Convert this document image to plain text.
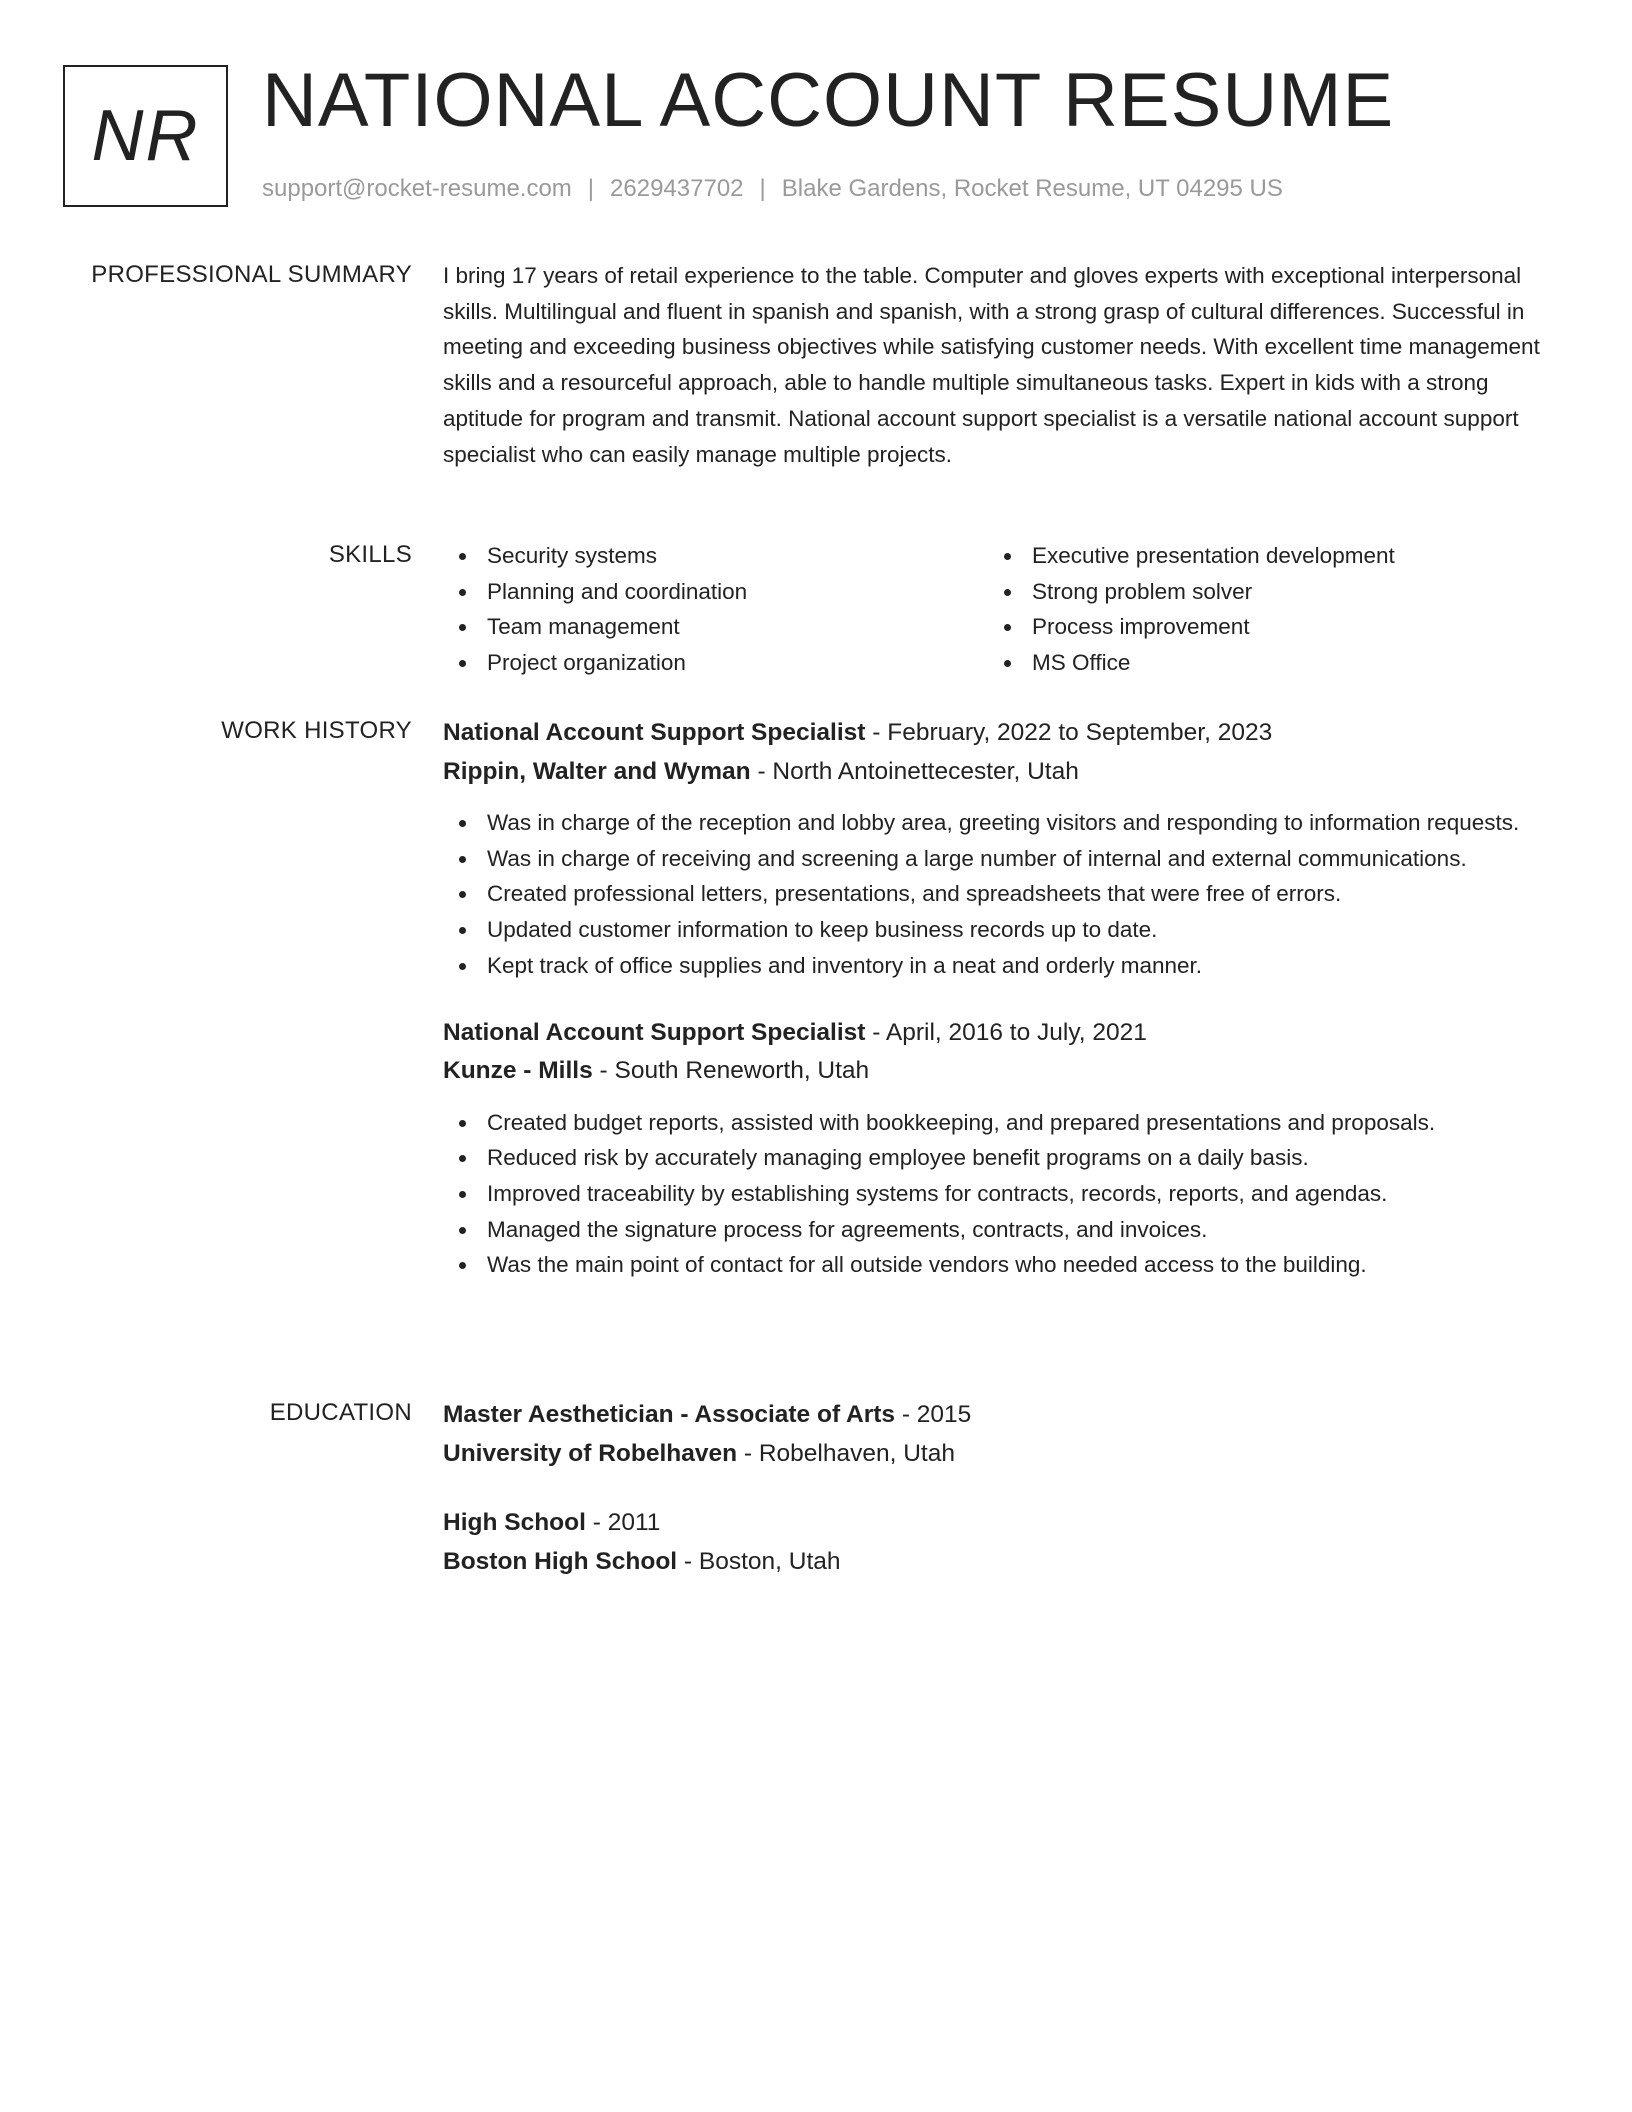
NR NATIONAL ACCOUNT RESUME
support@rocket-resume.com | 2629437702 | Blake Gardens, Rocket Resume, UT 04295 US
PROFESSIONAL SUMMARY I bring 17 years of retail experience to the table. Computer and gloves experts with exceptional interpersonal skills. Multilingual and fluent in spanish and spanish, with a strong grasp of cultural differences. Successful in meeting and exceeding business objectives while satisfying customer needs. With excellent time management skills and a resourceful approach, able to handle multiple simultaneous tasks. Expert in kids with a strong aptitude for program and transmit. National account support specialist is a versatile national account support specialist who can easily manage multiple projects.

SKILLS	Security systems
Planning and coordination
Team management
Project organization
Executive presentation development
Strong problem solver
Process improvement
MS Office
WORK HISTORY National Account Support Specialist - February, 2022 to September, 2023
Rippin, Walter and Wyman - North Antoinettecester, Utah
Was in charge of the reception and lobby area, greeting visitors and responding to information requests.
Was in charge of receiving and screening a large number of internal and external communications.
Created professional letters, presentations, and spreadsheets that were free of errors.
Updated customer information to keep business records up to date.
Kept track of office supplies and inventory in a neat and orderly manner.
National Account Support Specialist - April, 2016 to July, 2021
Kunze - Mills - South Reneworth, Utah
Created budget reports, assisted with bookkeeping, and prepared presentations and proposals.
Reduced risk by accurately managing employee benefit programs on a daily basis.
Improved traceability by establishing systems for contracts, records, reports, and agendas.
Managed the signature process for agreements, contracts, and invoices.
Was the main point of contact for all outside vendors who needed access to the building.
EDUCATION Master Aesthetician - Associate of Arts - 2015
University of Robelhaven - Robelhaven, Utah
High School - 2011
Boston High School - Boston, Utah
